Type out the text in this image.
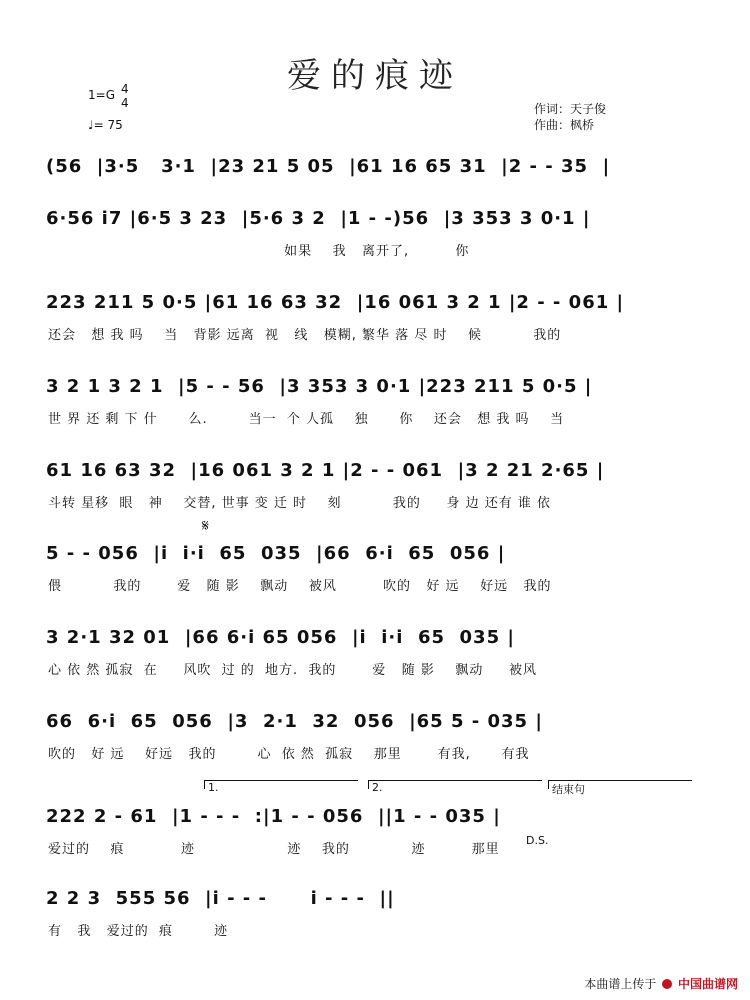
爱的痕迹
1=G 4
4
♩= 75
作词：天子俊
作曲：枫桥
(56  |3·5   3·1  |23 21 5 05  |61 16 65 31  |2 - - 35  |
6·56 i7 |6·5 3 23  |5·6 3 2  |1 - -)56  |3 353 3 0·1 |
如果    我   离开了,         你
223 211 5 0·5 |61 16 63 32  |16 061 3 2 1 |2 - - 061 |
还会   想 我 吗    当   背影 远离  视   线   模糊, 繁华 落 尽 时    候          我的
3 2 1 3 2 1  |5 - - 56  |3 353 3 0·1 |223 211 5 0·5 |
世 界 还 剩 下 什      么.        当一  个 人孤    独      你    还会   想 我 吗    当
61 16 63 32  |16 061 3 2 1 |2 - - 061  |3 2 21 2·65 |
斗转 星移  眼   神    交替, 世事 变 迁 时    刻          我的     身 边 还有 谁 依
𝄋
5 - - 056  |i  i·i  65  035  |66  6·i  65  056 |
偎          我的       爱   随 影    飘动    被风         吹的   好 远    好远   我的
3 2·1 32 01  |66 6·i 65 056  |i  i·i  65  035 |
心 依 然 孤寂  在     风吹  过 的  地方.  我的       爱   随 影    飘动     被风
66  6·i  65  056  |3  2·1  32  056  |65 5 - 035 |
吹的   好 远    好远   我的        心  依 然  孤寂    那里       有我,      有我
1.	2.	结束句
222 2 - 61  |1 - - -  :|1 - - 056  ||1 - - 035 |
爱过的    痕           迹                  迹    我的            迹         那里
D.S.
2 2 3  555 56  |i - - -      i - - -  ||
有   我   爱过的  痕        迹
本曲谱上传于 中国曲谱网
